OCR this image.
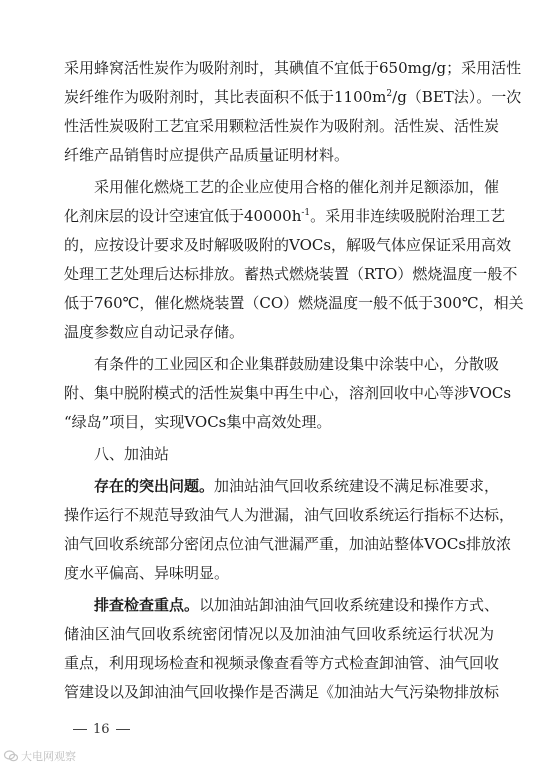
采用蜂窝活性炭作为吸附剂时，其碘值不宜低于650mg/g；采用活性
炭纤维作为吸附剂时，其比表面积不低于$1100m^2/g(BET$法）。一次
性活性炭吸附工艺宜采用颗粒活性炭作为吸附剂。活性炭、活性炭
纤维产品销售时应提供产品质量证明材料。
采用催化燃烧工艺的企业应使用合格的催化剂并足额添加，催
化剂床层的设计空速宜低于$40000h^{-1}$。采用非连续吸脱附治理工艺
的，应按设计要求及时解吸吸附的VOCs，解吸气体应保证采用高效
处理工艺处理后达标排放。蓄热式燃烧装置（RTO）燃烧温度一般不
低于760℃，催化燃烧装置（CO）燃烧温度一般不低于300℃，相关
温度参数应自动记录存储。
有条件的工业园区和企业集群鼓励建设集中涂装中心，分散吸
附、集中脱附模式的活性炭集中再生中心，溶剂回收中心等涉VOCs
“绿岛”项目，实现VOCs集中高效处理。
八、加油站
存在的突出问题。加油站油气回收系统建设不满足标准要求，
操作运行不规范导致油气人为泄漏，油气回收系统运行指标不达标，
油气回收系统部分密闭点位油气泄漏严重，加油站整体VOCs排放浓
度水平偏高、异味明显。
排查检查重点。以加油站卸油油气回收系统建设和操作方式、
储油区油气回收系统密闭情况以及加油油气回收系统运行状况为
重点，利用现场检查和视频录像查看等方式检查卸油管、油气回收
管建设以及卸油油气回收操作是否满足《加油站大气污染物排放标
16
大电网观察
